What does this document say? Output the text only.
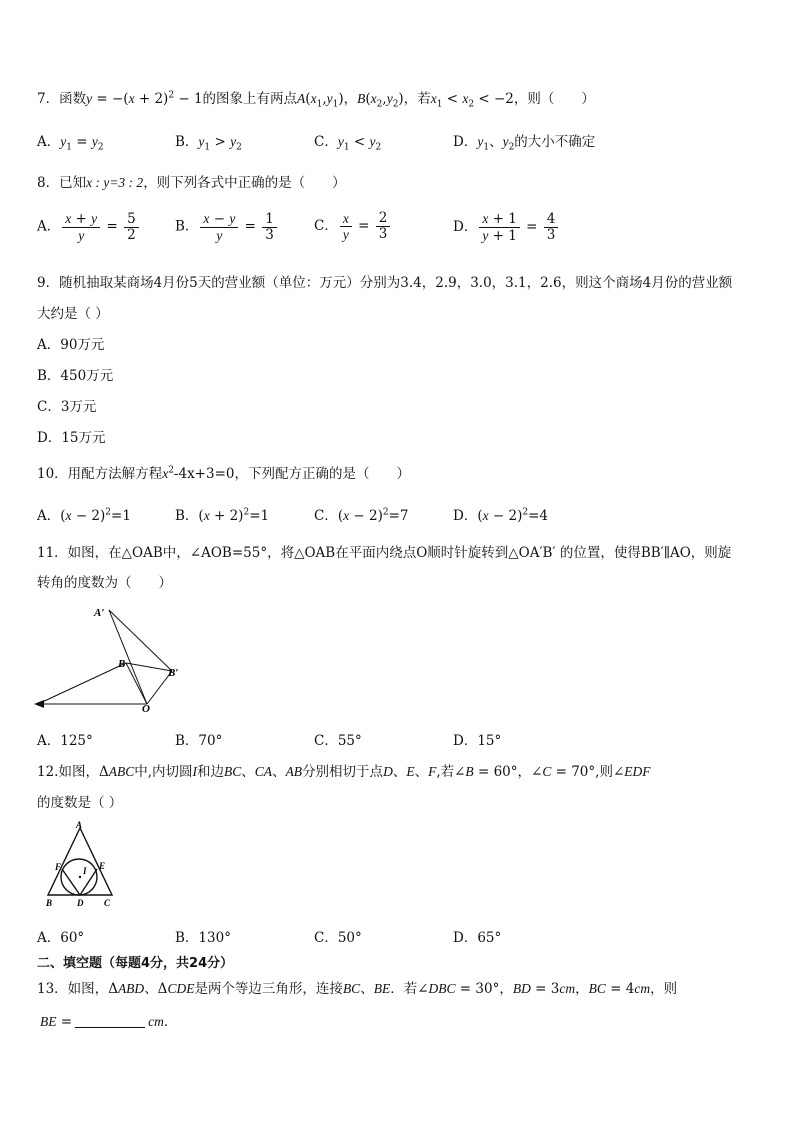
7．函数$y = -(x + 2)^2 - 1$的图象上有两点$A(x_1,y_1)$，$B(x_2,y_2)$，若$x_1 < x_2 < -2$，则（　　）
A．$y_1 = y_2$	B．$y_1 > y_2$	C．$y_1 < y_2$	D．$y_1$、$y_2$的大小不确定
8．已知x : y=3 : 2，则下列各式中正确的是（　　）
A． $\frac{x + y}{y} = \frac{5}{2}$	B． $\frac{x - y}{y} = \frac{1}{3}$	C． $\frac{x}{y} = \frac{2}{3}$	D． $\frac{x + 1}{y + 1} = \frac{4}{3}$
9．随机抽取某商场4月份5天的营业额（单位：万元）分别为3.4，2.9，3.0，3.1，2.6，则这个商场4月份的营业额
大约是（ ）
A．90万元
B．450万元
C．3万元
D．15万元
10．用配方法解方程$x^2-4x+3=0$，下列配方正确的是（　　）
A．$(x - 2)^2=1$	B．$(x + 2)^2=1$	C．$(x - 2)^2=7$	D．$(x - 2)^2=4$
11．如图，在△OAB中，∠AOB=55°，将△OAB在平面内绕点O顺时针旋转到△OA′B′ 的位置，使得BB′∥AO，则旋
转角的度数为（　　）
A′
B
B′
O
A．125°	B．70°	C．55°	D．15°
12.如图，ΔABC中,内切圆I和边BC、CA、AB分别相切于点D、E、F,若∠B = 60°，∠C = 70°,则∠EDF
的度数是（ ）
A
F	E
I
B	D C
A．60°	B．130°	C．50°	D．65°
二、填空题（每题4分，共24分）
13．如图，ΔABD、ΔCDE是两个等边三角形，连接BC、BE．若∠DBC = 30°，BD = 3cm，BC = 4cm，则
BE =	cm．
